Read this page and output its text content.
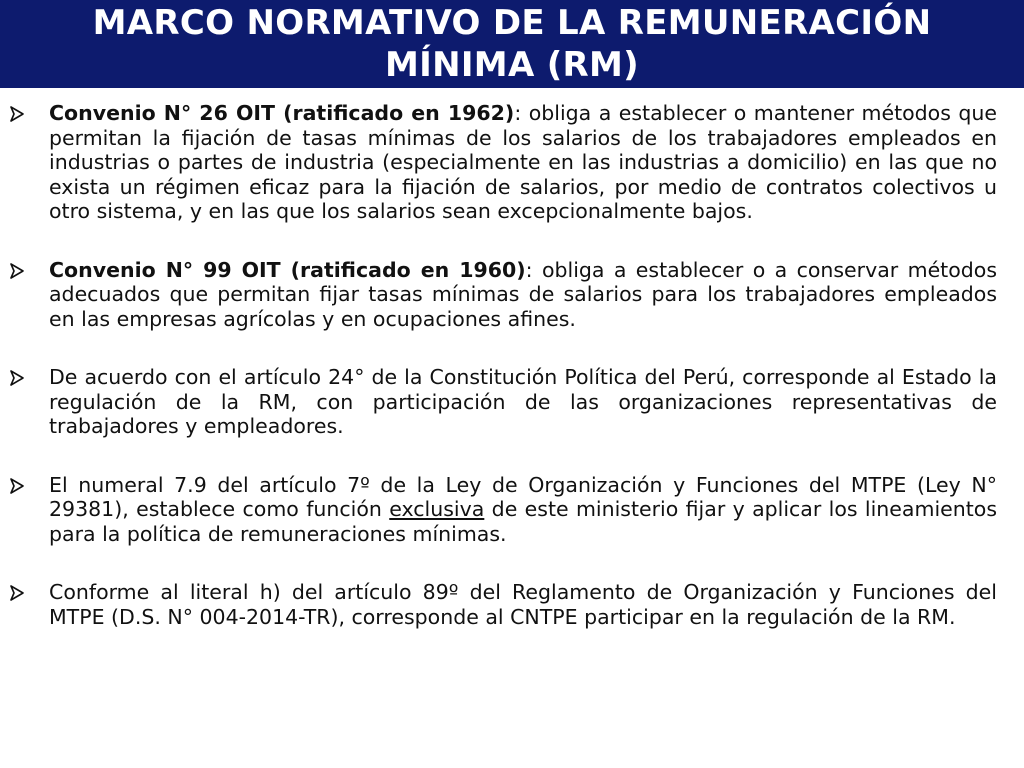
MARCO NORMATIVO DE LA REMUNERACIÓN
MÍNIMA (RM)
Convenio N° 26 OIT (ratificado en 1962): obliga a establecer o mantener métodos que permitan la fijación de tasas mínimas de los salarios de los trabajadores empleados en industrias o partes de industria (especialmente en las industrias a domicilio) en las que no exista un régimen eficaz para la fijación de salarios, por medio de contratos colectivos u otro sistema, y en las que los salarios sean excepcionalmente bajos.
Convenio N° 99 OIT (ratificado en 1960): obliga a establecer o a conservar métodos adecuados que permitan fijar tasas mínimas de salarios para los trabajadores empleados en las empresas agrícolas y en ocupaciones afines.
De acuerdo con el artículo 24° de la Constitución Política del Perú, corresponde al Estado la regulación de la RM, con participación de las organizaciones representativas de trabajadores y empleadores.
El numeral 7.9 del artículo 7º de la Ley de Organización y Funciones del MTPE (Ley N° 29381), establece como función exclusiva de este ministerio fijar y aplicar los lineamientos para la política de remuneraciones mínimas.
Conforme al literal h) del artículo 89º del Reglamento de Organización y Funciones del MTPE (D.S. N° 004-2014-TR), corresponde al CNTPE participar en la regulación de la RM.
